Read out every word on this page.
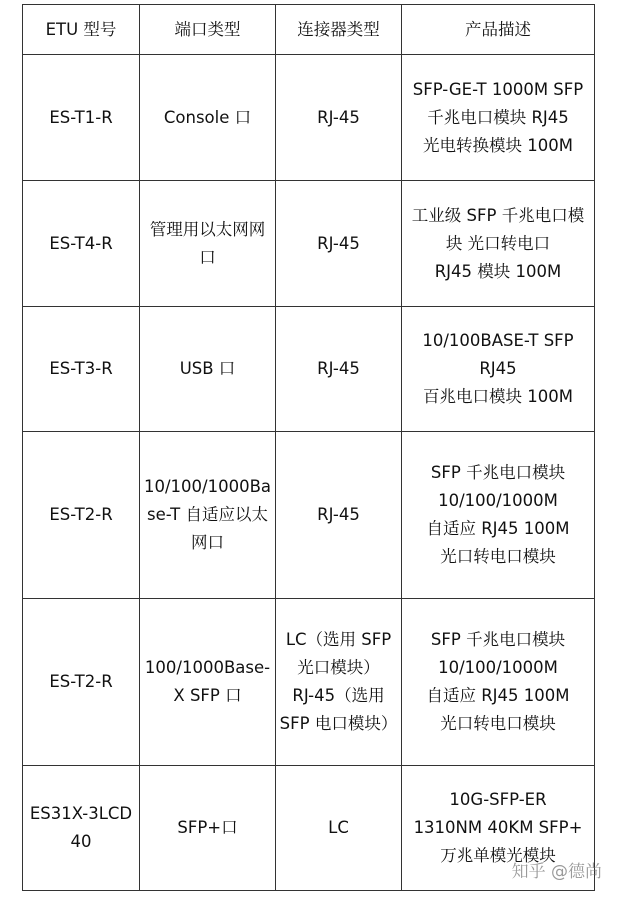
ETU 型号	端口类型	连接器类型	产品描述

ES-T1-R	Console 口	RJ-45	SFP-GE-T 1000M SFP
千兆电口模块 RJ45
光电转换模块 100M

ES-T4-R	管理用以太网网
口	RJ-45	工业级 SFP 千兆电口模
块 光口转电口
RJ45 模块 100M

ES-T3-R	USB 口	RJ-45	10/100BASE-T SFP
RJ45
百兆电口模块 100M

ES-T2-R	10/100/1000Ba
se-T 自适应以太
网口	RJ-45	SFP 千兆电口模块
10/100/1000M
自适应 RJ45 100M
光口转电口模块

ES-T2-R	100/1000Base-
X SFP 口	LC（选用 SFP
光口模块）
RJ-45（选用
SFP 电口模块）	SFP 千兆电口模块
10/100/1000M
自适应 RJ45 100M
光口转电口模块

ES31X-3LCD
40	SFP+口	LC	10G-SFP-ER
1310NM 40KM SFP+
万兆单模光模块
知乎 @德尚
